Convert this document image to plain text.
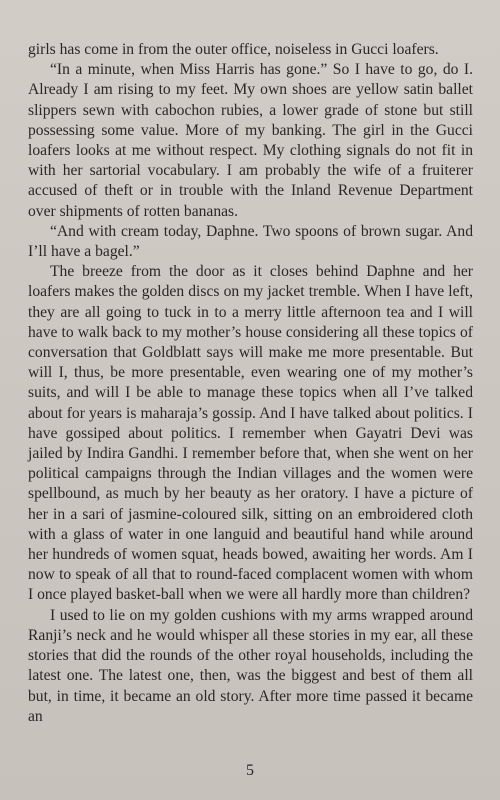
girls has come in from the outer office, noiseless in Gucci loafers.

“In a minute, when Miss Harris has gone.” So I have to go, do I. Already I am rising to my feet. My own shoes are yellow satin ballet slippers sewn with cabochon rubies, a lower grade of stone but still possessing some value. More of my banking. The girl in the Gucci loafers looks at me without respect. My clothing signals do not fit in with her sartorial vocabulary. I am probably the wife of a fruiterer accused of theft or in trouble with the Inland Revenue Department over shipments of rotten bananas.

“And with cream today, Daphne. Two spoons of brown sugar. And I’ll have a bagel.”

The breeze from the door as it closes behind Daphne and her loafers makes the golden discs on my jacket tremble. When I have left, they are all going to tuck in to a merry little afternoon tea and I will have to walk back to my mother’s house considering all these topics of conversation that Goldblatt says will make me more presentable. But will I, thus, be more presentable, even wearing one of my mother’s suits, and will I be able to manage these topics when all I’ve talked about for years is maharaja’s gossip. And I have talked about politics. I have gossiped about politics. I remember when Gayatri Devi was jailed by Indira Gandhi. I remember before that, when she went on her political campaigns through the Indian villages and the women were spellbound, as much by her beauty as her oratory. I have a picture of her in a sari of jasmine-coloured silk, sitting on an embroidered cloth with a glass of water in one languid and beautiful hand while around her hundreds of women squat, heads bowed, awaiting her words. Am I now to speak of all that to round-faced complacent women with whom I once played basket-ball when we were all hardly more than children?

I used to lie on my golden cushions with my arms wrapped around Ranji’s neck and he would whisper all these stories in my ear, all these stories that did the rounds of the other royal households, including the latest one. The latest one, then, was the biggest and best of them all but, in time, it became an old story. After more time passed it became an

5
